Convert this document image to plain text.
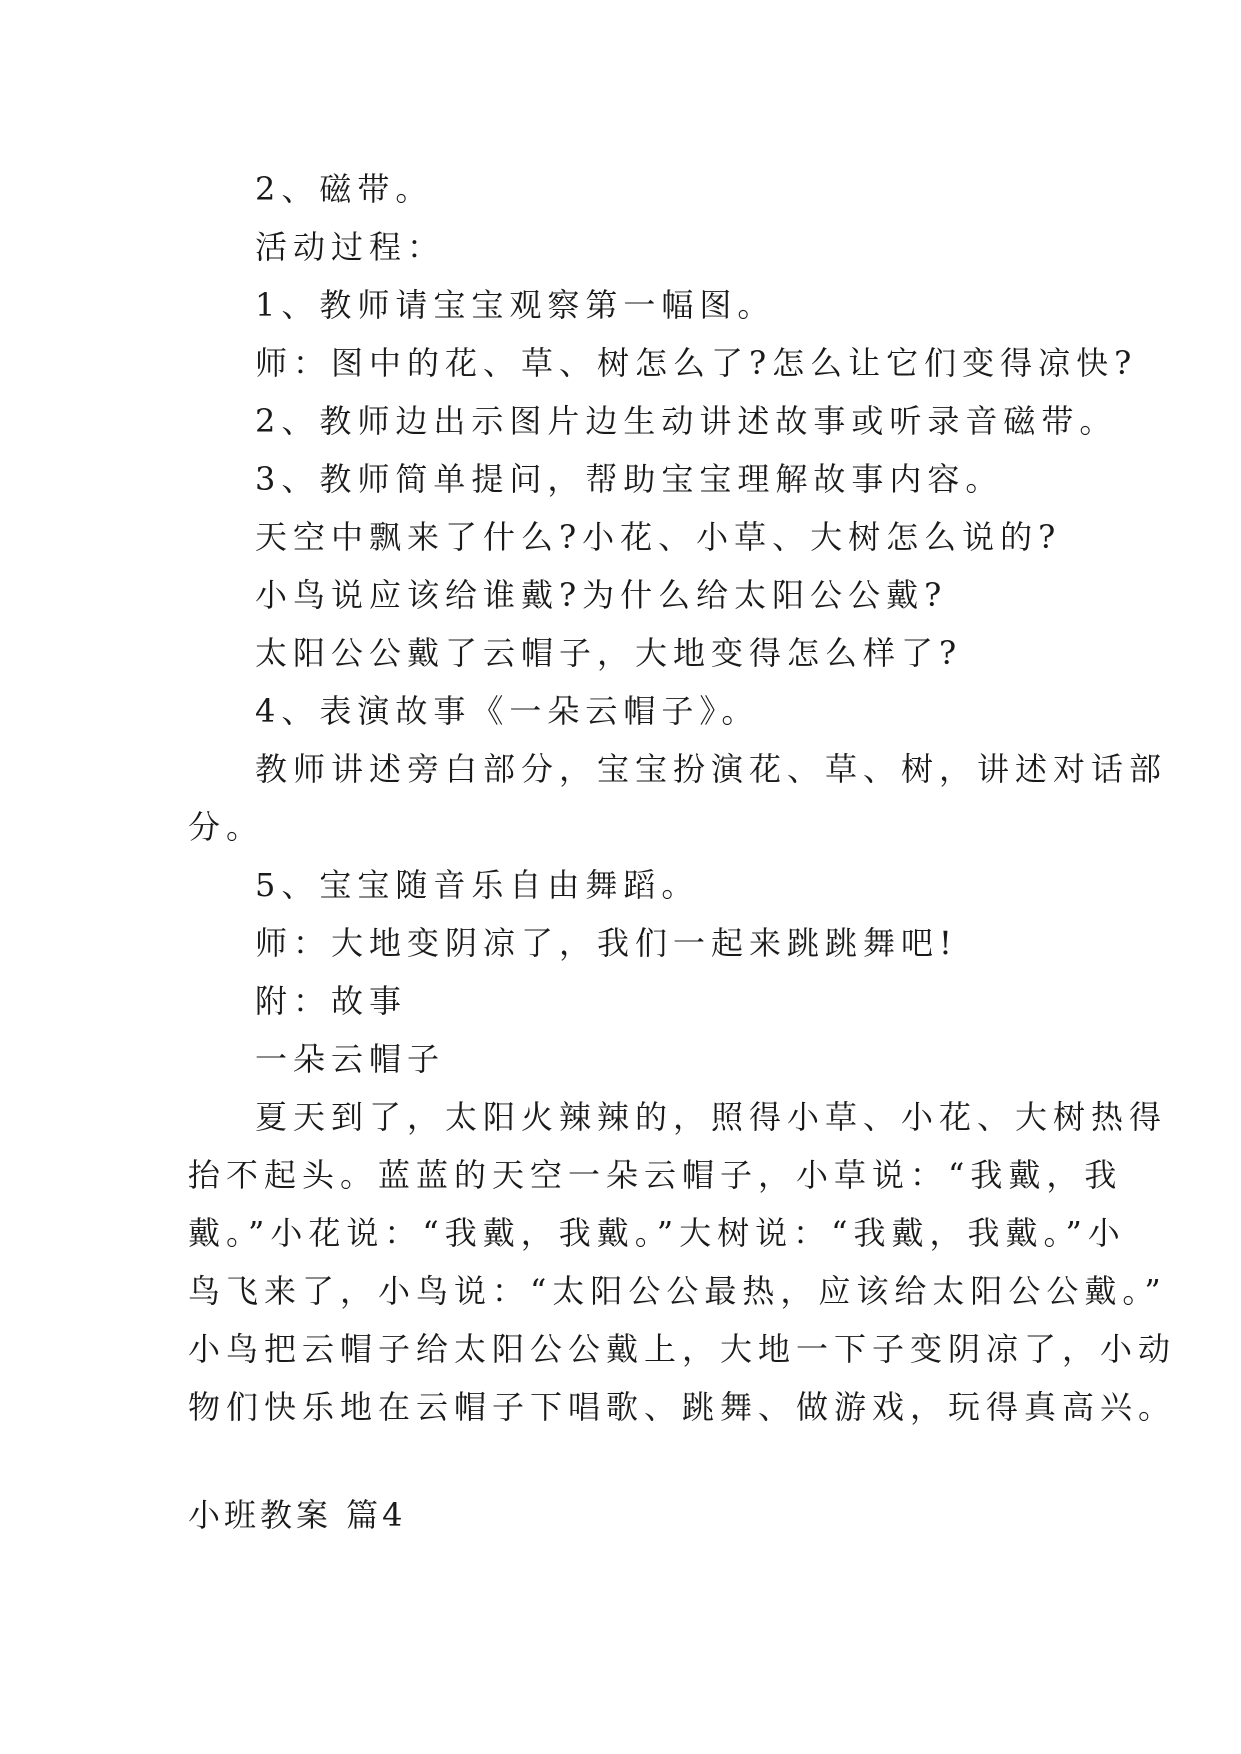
2、磁带。

活动过程：

1、教师请宝宝观察第一幅图。

师：图中的花、草、树怎么了?怎么让它们变得凉快?

2、教师边出示图片边生动讲述故事或听录音磁带。

3、教师简单提问，帮助宝宝理解故事内容。

天空中飘来了什么?小花、小草、大树怎么说的?

小鸟说应该给谁戴?为什么给太阳公公戴?

太阳公公戴了云帽子，大地变得怎么样了?

4、表演故事《一朵云帽子》。

教师讲述旁白部分，宝宝扮演花、草、树，讲述对话部

分。

5、宝宝随音乐自由舞蹈。

师：大地变阴凉了，我们一起来跳跳舞吧!

附：故事

一朵云帽子

夏天到了，太阳火辣辣的，照得小草、小花、大树热得

抬不起头。蓝蓝的天空一朵云帽子，小草说：“我戴，我

戴。”小花说：“我戴，我戴。”大树说：“我戴，我戴。”小

鸟飞来了，小鸟说：“太阳公公最热，应该给太阳公公戴。”

小鸟把云帽子给太阳公公戴上，大地一下子变阴凉了，小动

物们快乐地在云帽子下唱歌、跳舞、做游戏，玩得真高兴。

小班教案 篇4
